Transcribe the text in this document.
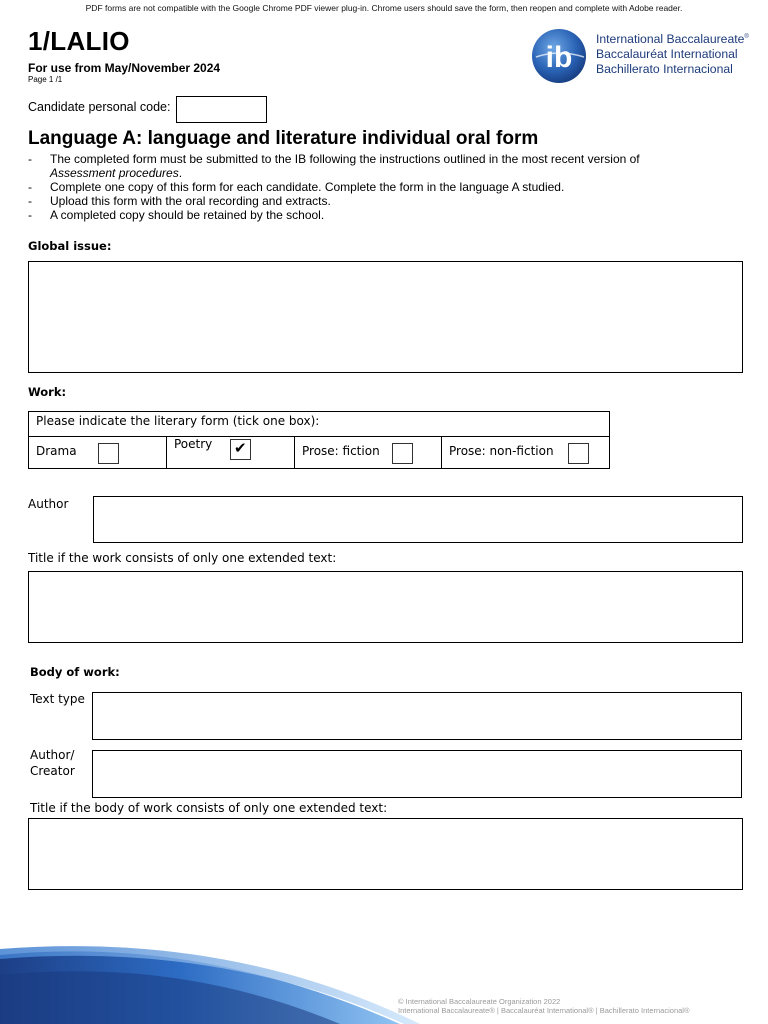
PDF forms are not compatible with the Google Chrome PDF viewer plug-in. Chrome users should save the form, then reopen and complete with Adobe reader.
1/LALIO
For use from May/November 2024
Page 1 /1
ib
International Baccalaureate®
Baccalauréat International
Bachillerato Internacional
Candidate personal code:
Language A: language and literature individual oral form
- The completed form must be submitted to the IB following the instructions outlined in the most recent version of
Assessment procedures.
- Complete one copy of this form for each candidate. Complete the form in the language A studied.
- Upload this form with the oral recording and extracts.
- A completed copy should be retained by the school.
Global issue:
Work:
Please indicate the literary form (tick one box):
Drama	Poetry ✔	Prose: fiction	Prose: non-fiction
Author
Title if the work consists of only one extended text:
Body of work:
Text type
Author/
Creator
Title if the body of work consists of only one extended text:
© International Baccalaureate Organization 2022
International Baccalaureate® | Baccalauréat International® | Bachillerato Internacional®
